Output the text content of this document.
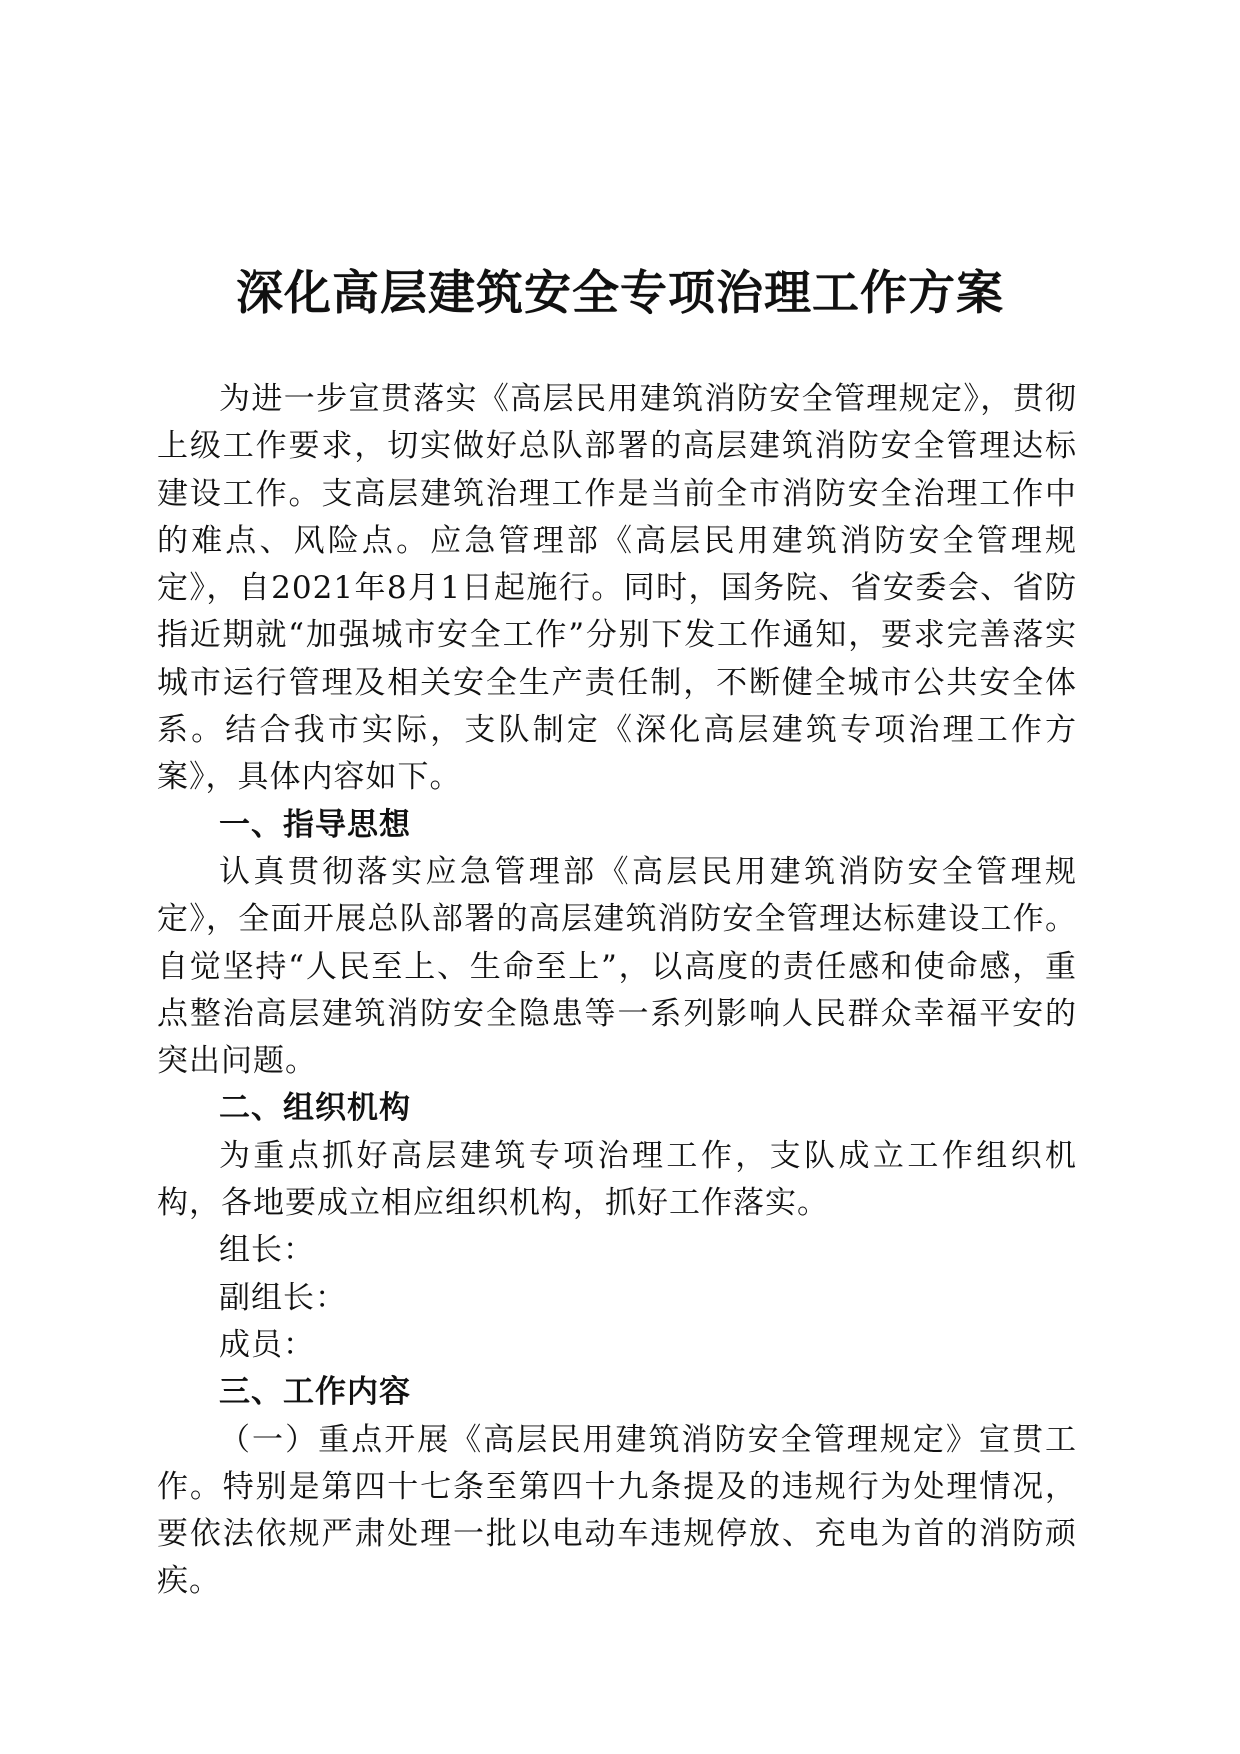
深化高层建筑安全专项治理工作方案

为进一步宣贯落实《高层民用建筑消防安全管理规定》，贯彻上级工作要求，切实做好总队部署的高层建筑消防安全管理达标建设工作。支高层建筑治理工作是当前全市消防安全治理工作中的难点、风险点。应急管理部《高层民用建筑消防安全管理规定》，自2021年8月1日起施行。同时，国务院、省安委会、省防指近期就“加强城市安全工作”分别下发工作通知，要求完善落实城市运行管理及相关安全生产责任制，不断健全城市公共安全体系。结合我市实际，支队制定《深化高层建筑专项治理工作方案》，具体内容如下。

一、指导思想

认真贯彻落实应急管理部《高层民用建筑消防安全管理规定》，全面开展总队部署的高层建筑消防安全管理达标建设工作。自觉坚持“人民至上、生命至上”，以高度的责任感和使命感，重点整治高层建筑消防安全隐患等一系列影响人民群众幸福平安的突出问题。

二、组织机构

为重点抓好高层建筑专项治理工作，支队成立工作组织机构，各地要成立相应组织机构，抓好工作落实。

组长：

副组长：

成员：

三、工作内容

（一）重点开展《高层民用建筑消防安全管理规定》宣贯工作。特别是第四十七条至第四十九条提及的违规行为处理情况，要依法依规严肃处理一批以电动车违规停放、充电为首的消防顽疾。
